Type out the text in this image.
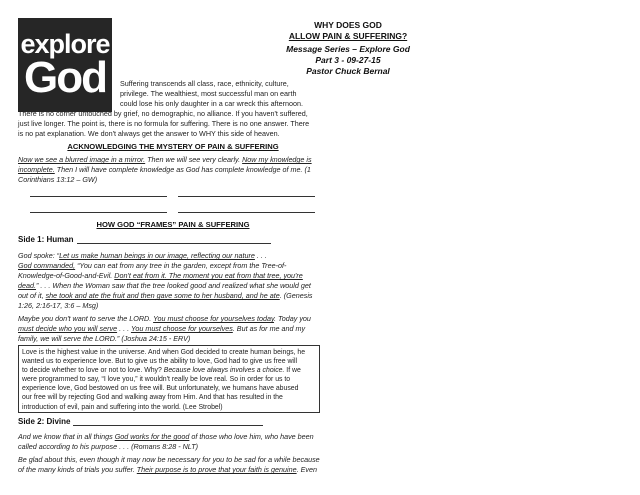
explore
God
WHY DOES GOD
ALLOW PAIN & SUFFERING?
Message Series – Explore God
Part 3 - 09-27-15
Pastor Chuck Bernal
Suffering transcends all class, race, ethnicity, culture,
privilege. The wealthiest, most successful man on earth
could lose his only daughter in a car wreck this afternoon.
There is no corner untouched by grief, no demographic, no alliance. If you haven't suffered,
just live longer. The point is, there is no formula for suffering. There is no one answer. There
is no pat explanation. We don't always get the answer to WHY this side of heaven.
ACKNOWLEDGING THE MYSTERY OF PAIN & SUFFERING
Now we see a blurred image in a mirror. Then we will see very clearly. Now my knowledge is
incomplete. Then I will have complete knowledge as God has complete knowledge of me. (1
Corinthians 13:12 – GW)
HOW GOD “FRAMES” PAIN & SUFFERING
Side 1: Human
God spoke: “Let us make human beings in our image, reflecting our nature . . .
God commanded, “You can eat from any tree in the garden, except from the Tree-of-
Knowledge-of-Good-and-Evil. Don't eat from it. The moment you eat from that tree, you're
dead.” . . . When the Woman saw that the tree looked good and realized what she would get
out of it, she took and ate the fruit and then gave some to her husband, and he ate. (Genesis
1:26, 2:16-17, 3:6 – Msg)
Maybe you don't want to serve the LORD. You must choose for yourselves today. Today you
must decide who you will serve . . . You must choose for yourselves. But as for me and my
family, we will serve the LORD.” (Joshua 24:15 - ERV)
Love is the highest value in the universe. And when God decided to create human beings, he
wanted us to experience love. But to give us the ability to love, God had to give us free will
to decide whether to love or not to love. Why? Because love always involves a choice. If we
were programmed to say, “I love you,” it wouldn't really be love real. So in order for us to
experience love, God bestowed on us free will. But unfortunately, we humans have abused
our free will by rejecting God and walking away from Him. And that has resulted in the
introduction of evil, pain and suffering into the world. (Lee Strobel)
Side 2: Divine
And we know that in all things God works for the good of those who love him, who have been
called according to his purpose . . . (Romans 8:28 - NLT)
Be glad about this, even though it may now be necessary for you to be sad for a while because
of the many kinds of trials you suffer. Their purpose is to prove that your faith is genuine. Even
